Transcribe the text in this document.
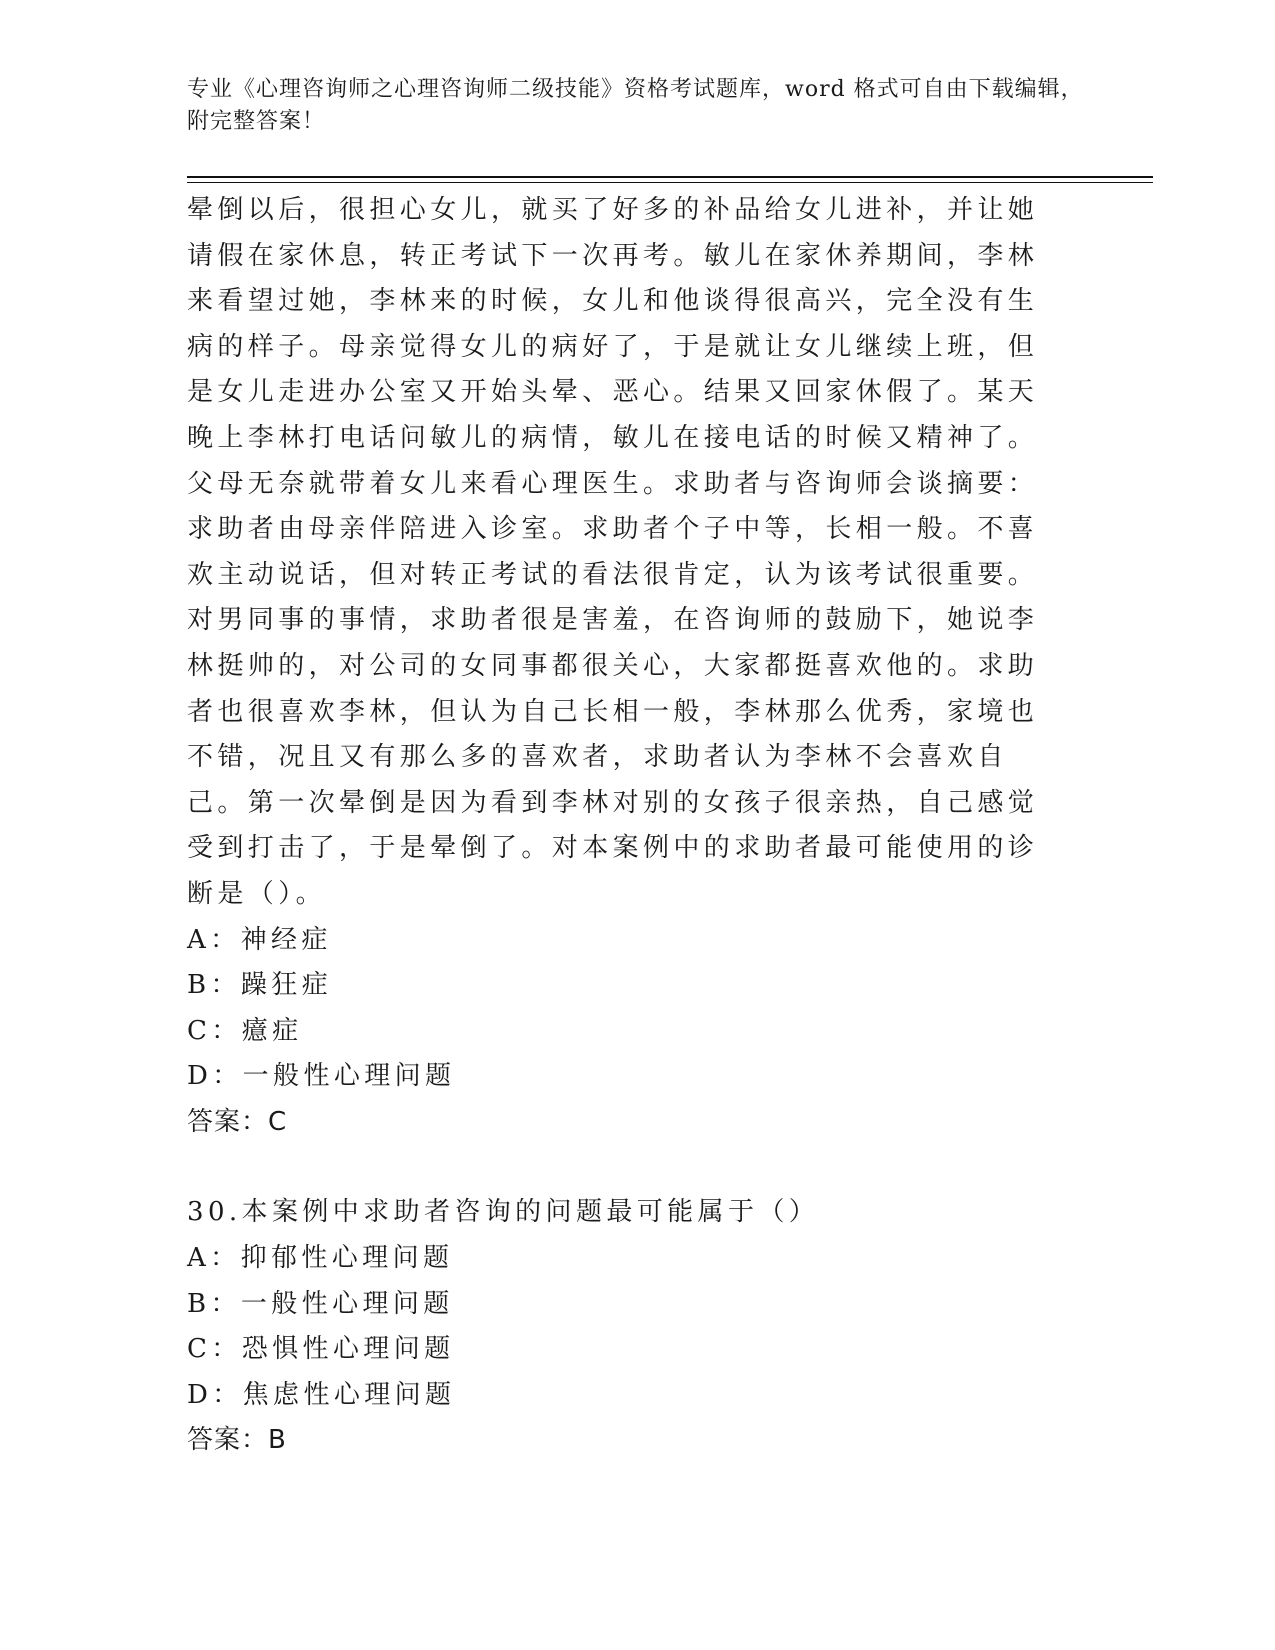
专业《心理咨询师之心理咨询师二级技能》资格考试题库，word 格式可自由下载编辑，附完整答案！

晕倒以后，很担心女儿，就买了好多的补品给女儿进补，并让她请假在家休息，转正考试下一次再考。敏儿在家休养期间，李林来看望过她，李林来的时候，女儿和他谈得很高兴，完全没有生病的样子。母亲觉得女儿的病好了，于是就让女儿继续上班，但是女儿走进办公室又开始头晕、恶心。结果又回家休假了。某天晚上李林打电话问敏儿的病情，敏儿在接电话的时候又精神了。父母无奈就带着女儿来看心理医生。求助者与咨询师会谈摘要：求助者由母亲伴陪进入诊室。求助者个子中等，长相一般。不喜欢主动说话，但对转正考试的看法很肯定，认为该考试很重要。对男同事的事情，求助者很是害羞，在咨询师的鼓励下，她说李林挺帅的，对公司的女同事都很关心，大家都挺喜欢他的。求助者也很喜欢李林，但认为自己长相一般，李林那么优秀，家境也不错，况且又有那么多的喜欢者，求助者认为李林不会喜欢自己。第一次晕倒是因为看到李林对别的女孩子很亲热，自己感觉受到打击了，于是晕倒了。对本案例中的求助者最可能使用的诊断是（）。

A：神经症

B：躁狂症

C：癔症

D：一般性心理问题

答案：C

30.本案例中求助者咨询的问题最可能属于（）

A：抑郁性心理问题

B：一般性心理问题

C：恐惧性心理问题

D：焦虑性心理问题

答案：B
